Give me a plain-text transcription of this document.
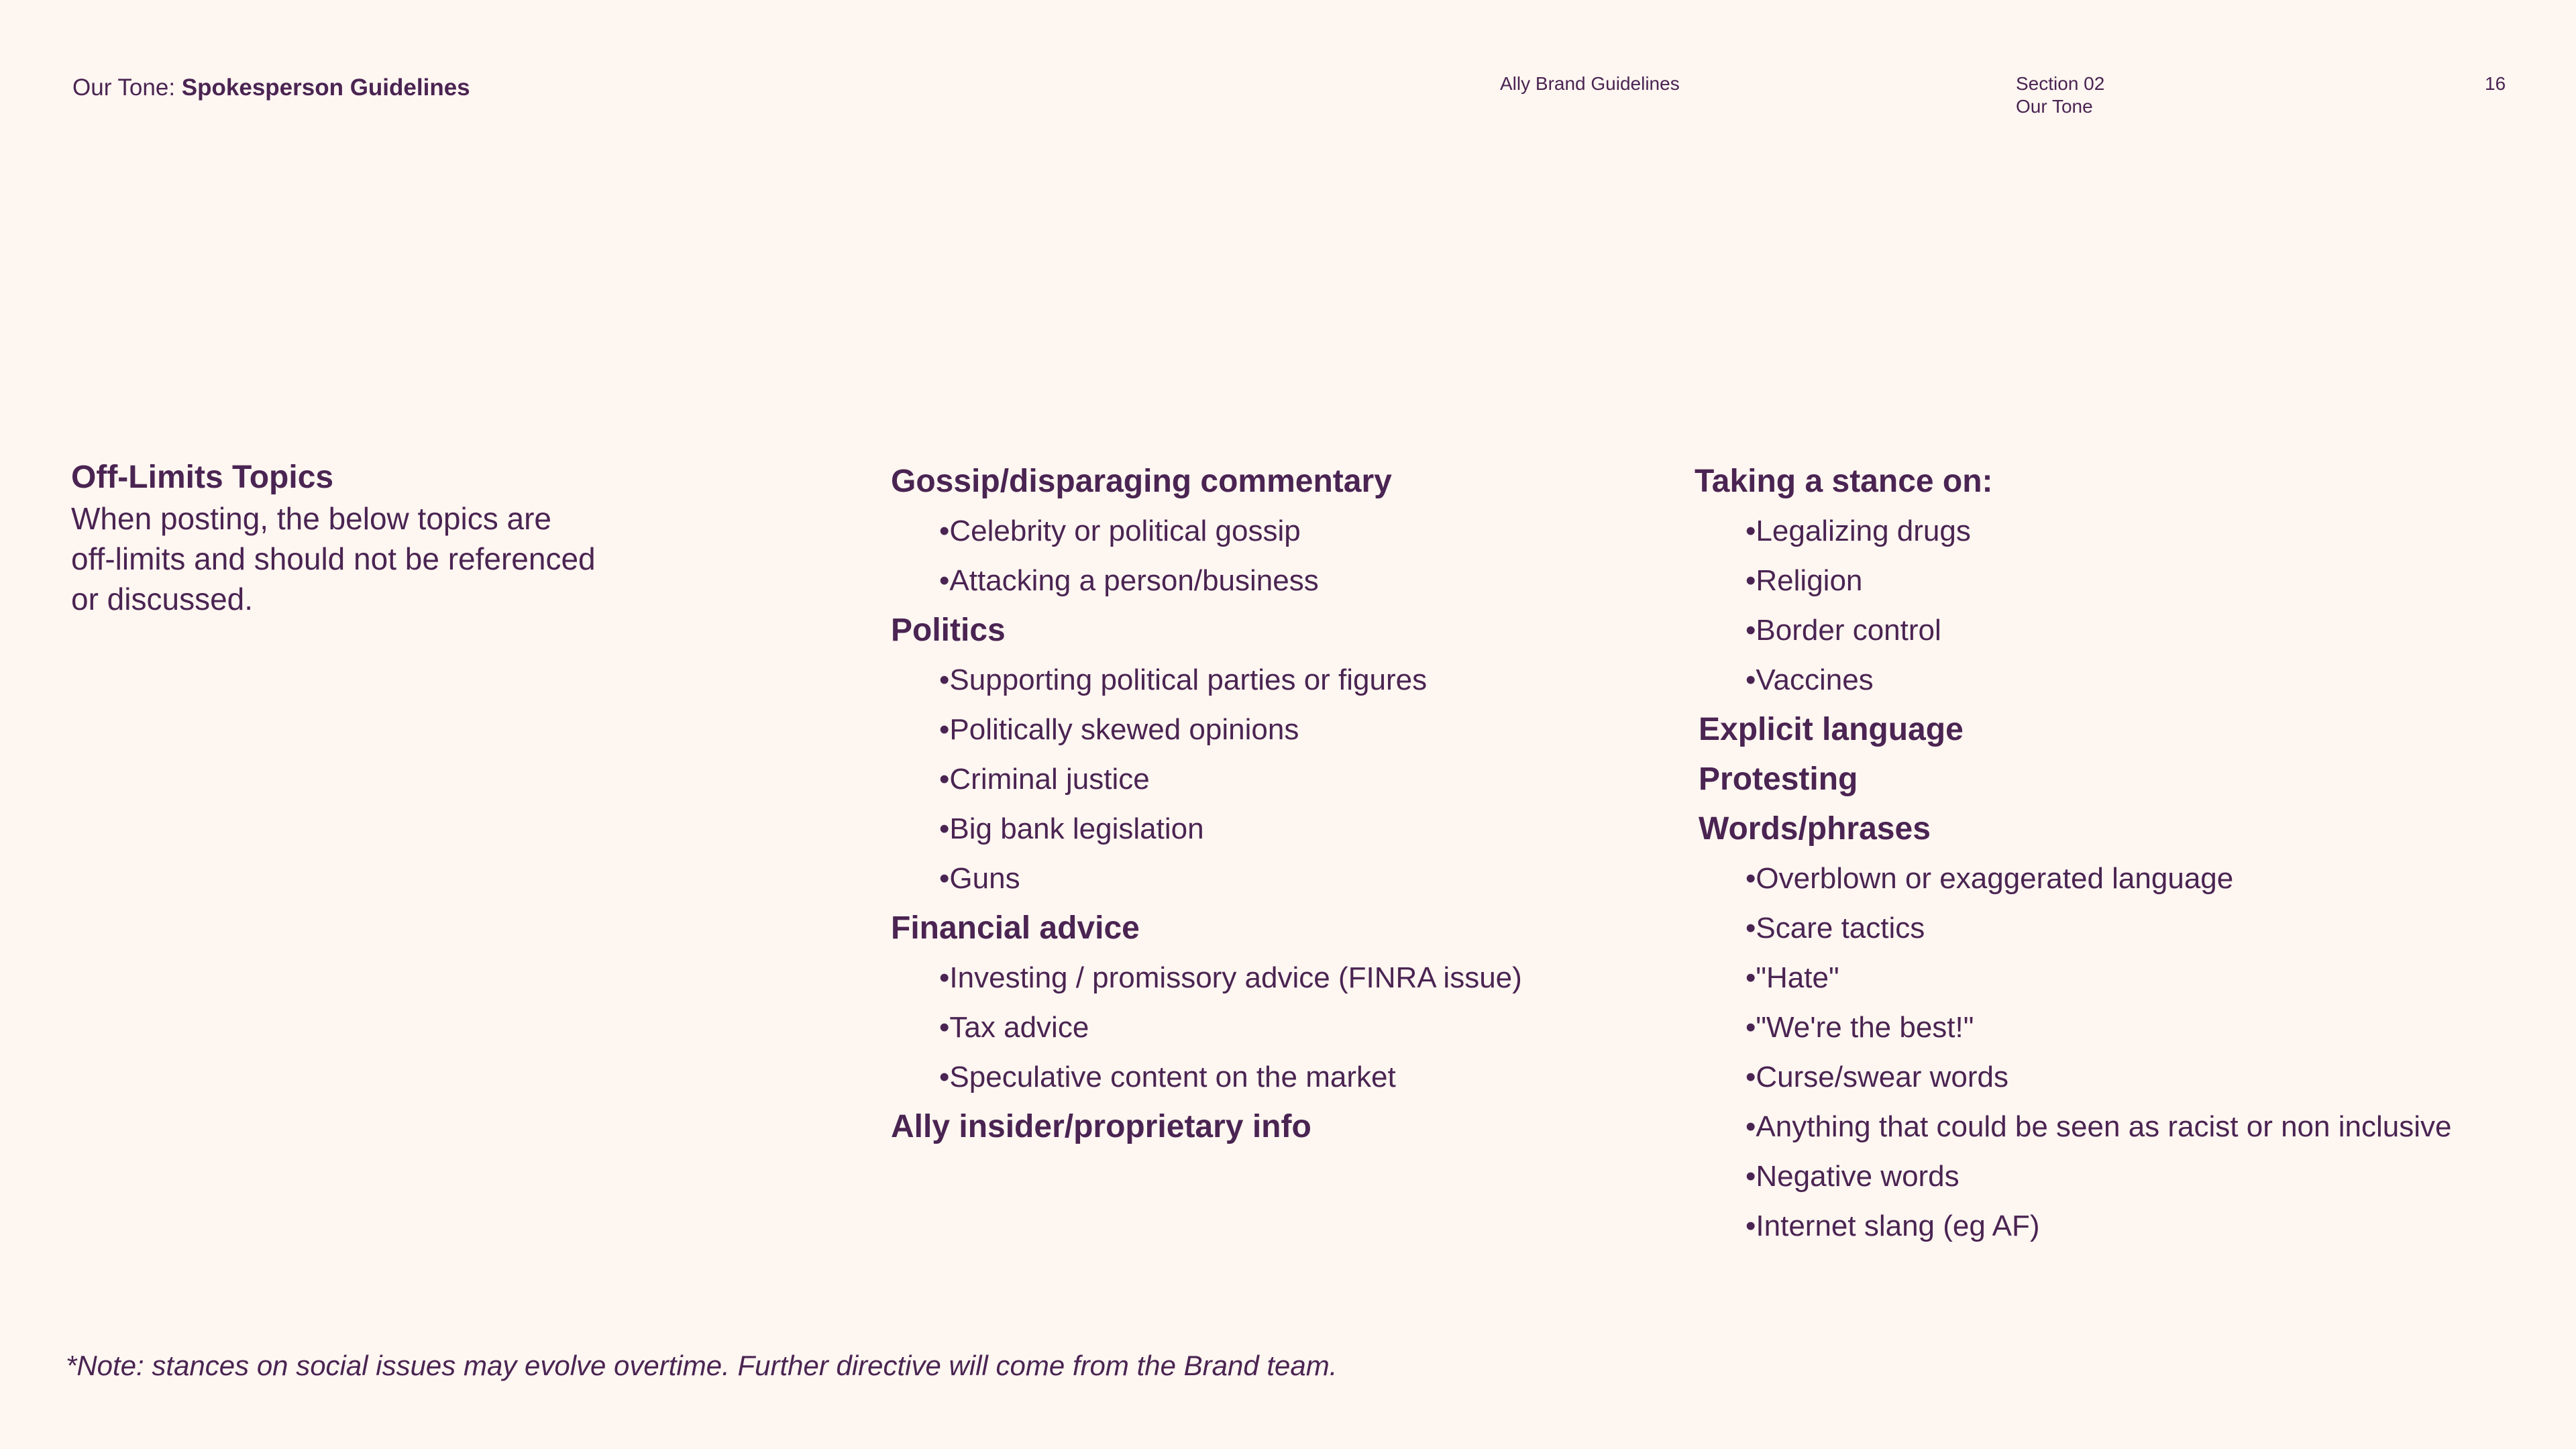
Our Tone: Spokesperson Guidelines	Ally Brand Guidelines	Section 02
Our Tone
16
Off-Limits Topics
When posting, the below topics are
off-limits and should not be referenced
or discussed.
Gossip/disparaging commentary
•Celebrity or political gossip
•Attacking a person/business
Politics
•Supporting political parties or figures
•Politically skewed opinions
•Criminal justice
•Big bank legislation
•Guns
Financial advice
•Investing / promissory advice (FINRA issue)
•Tax advice
•Speculative content on the market
Ally insider/proprietary info
Taking a stance on:
•Legalizing drugs
•Religion
•Border control
•Vaccines
Explicit language
Protesting
Words/phrases
•Overblown or exaggerated language
•Scare tactics
•"Hate"
•"We're the best!"
•Curse/swear words
•Anything that could be seen as racist or non inclusive
•Negative words
•Internet slang (eg AF)
*Note: stances on social issues may evolve overtime. Further directive will come from the Brand team.
